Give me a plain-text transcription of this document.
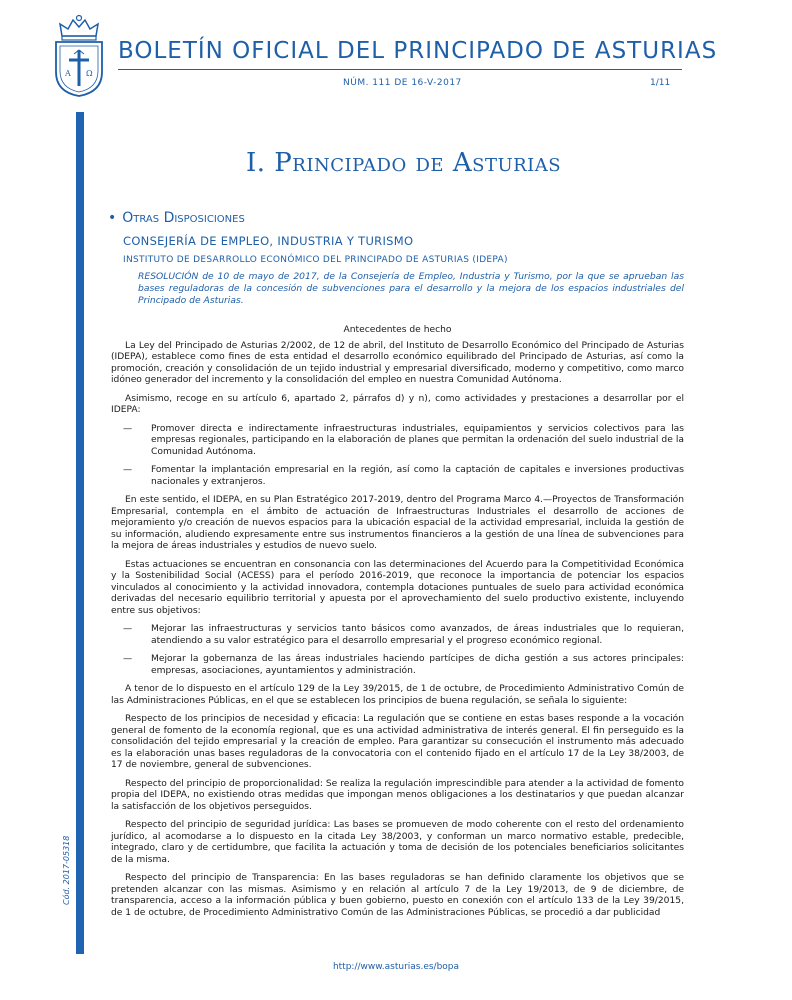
A Ω
BOLETÍN OFICIAL DEL PRINCIPADO DE ASTURIAS
NÚM. 111 DE 16-V-2017	1/11
Cód. 2017-05318
I. Principado de Asturias
• Otras Disposiciones
CONSEJERÍA DE EMPLEO, INDUSTRIA Y TURISMO
INSTITUTO DE DESARROLLO ECONÓMICO DEL PRINCIPADO DE ASTURIAS (IDEPA)
RESOLUCIÓN de 10 de mayo de 2017, de la Consejería de Empleo, Industria y Turismo, por la que se aprueban las bases reguladoras de la concesión de subvenciones para el desarrollo y la mejora de los espacios industriales del Principado de Asturias.
Antecedentes de hecho

La Ley del Principado de Asturias 2/2002, de 12 de abril, del Instituto de Desarrollo Económico del Principado de Asturias (IDEPA), establece como fines de esta entidad el desarrollo económico equilibrado del Principado de Asturias, así como la promoción, creación y consolidación de un tejido industrial y empresarial diversificado, moderno y competitivo, como marco idóneo generador del incremento y la consolidación del empleo en nuestra Comunidad Autónoma.

Asimismo, recoge en su artículo 6, apartado 2, párrafos d) y n), como actividades y prestaciones a desarrollar por el IDEPA:

—	Promover directa e indirectamente infraestructuras industriales, equipamientos y servicios colectivos para las empresas regionales, participando en la elaboración de planes que permitan la ordenación del suelo industrial de la Comunidad Autónoma.
—	Fomentar la implantación empresarial en la región, así como la captación de capitales e inversiones productivas nacionales y extranjeros.

En este sentido, el IDEPA, en su Plan Estratégico 2017-2019, dentro del Programa Marco 4.—Proyectos de Transformación Empresarial, contempla en el ámbito de actuación de Infraestructuras Industriales el desarrollo de acciones de mejoramiento y/o creación de nuevos espacios para la ubicación espacial de la actividad empresarial, incluida la gestión de su información, aludiendo expresamente entre sus instrumentos financieros a la gestión de una línea de subvenciones para la mejora de áreas industriales y estudios de nuevo suelo.

Estas actuaciones se encuentran en consonancia con las determinaciones del Acuerdo para la Competitividad Económica y la Sostenibilidad Social (ACESS) para el período 2016-2019, que reconoce la importancia de potenciar los espacios vinculados al conocimiento y la actividad innovadora, contempla dotaciones puntuales de suelo para actividad económica derivadas del necesario equilibrio territorial y apuesta por el aprovechamiento del suelo productivo existente, incluyendo entre sus objetivos:

—	Mejorar las infraestructuras y servicios tanto básicos como avanzados, de áreas industriales que lo requieran, atendiendo a su valor estratégico para el desarrollo empresarial y el progreso económico regional.
—	Mejorar la gobernanza de las áreas industriales haciendo partícipes de dicha gestión a sus actores principales: empresas, asociaciones, ayuntamientos y administración.

A tenor de lo dispuesto en el artículo 129 de la Ley 39/2015, de 1 de octubre, de Procedimiento Administrativo Común de las Administraciones Públicas, en el que se establecen los principios de buena regulación, se señala lo siguiente:

Respecto de los principios de necesidad y eficacia: La regulación que se contiene en estas bases responde a la vocación general de fomento de la economía regional, que es una actividad administrativa de interés general. El fin perseguido es la consolidación del tejido empresarial y la creación de empleo. Para garantizar su consecución el instrumento más adecuado es la elaboración unas bases reguladoras de la convocatoria con el contenido fijado en el artículo 17 de la Ley 38/2003, de 17 de noviembre, general de subvenciones.

Respecto del principio de proporcionalidad: Se realiza la regulación imprescindible para atender a la actividad de fomento propia del IDEPA, no existiendo otras medidas que impongan menos obligaciones a los destinatarios y que puedan alcanzar la satisfacción de los objetivos perseguidos.

Respecto del principio de seguridad jurídica: Las bases se promueven de modo coherente con el resto del ordenamiento jurídico, al acomodarse a lo dispuesto en la citada Ley 38/2003, y conforman un marco normativo estable, predecible, integrado, claro y de certidumbre, que facilita la actuación y toma de decisión de los potenciales beneficiarios solicitantes de la misma.

Respecto del principio de Transparencia: En las bases reguladoras se han definido claramente los objetivos que se pretenden alcanzar con las mismas. Asimismo y en relación al artículo 7 de la Ley 19/2013, de 9 de diciembre, de transparencia, acceso a la información pública y buen gobierno, puesto en conexión con el artículo 133 de la Ley 39/2015, de 1 de octubre, de Procedimiento Administrativo Común de las Administraciones Públicas, se procedió a dar publicidad

http://www.asturias.es/bopa
